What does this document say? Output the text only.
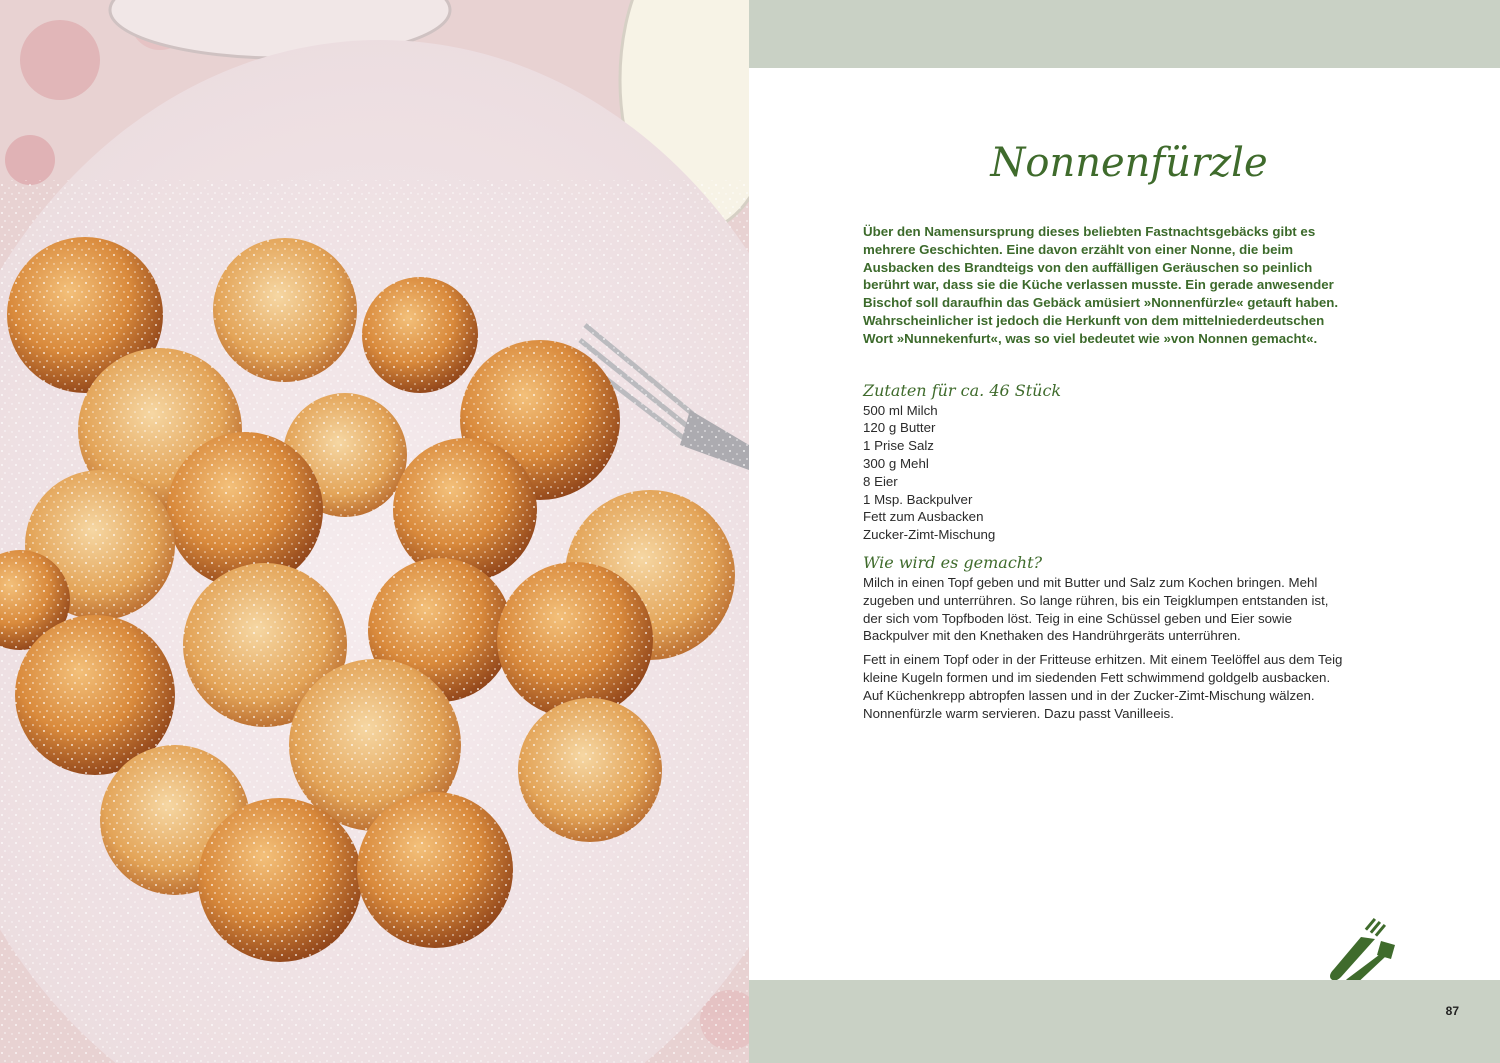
Nonnenfürzle

Über den Namensursprung dieses beliebten Fastnachtsgebäcks gibt es mehrere Geschichten. Eine davon erzählt von einer Nonne, die beim Ausbacken des Brandteigs von den auffälligen Geräuschen so peinlich berührt war, dass sie die Küche verlassen musste. Ein gerade anwesender Bischof soll daraufhin das Gebäck amüsiert »Nonnenfürzle« getauft haben. Wahrscheinlicher ist jedoch die Herkunft von dem mittelniederdeutschen Wort »Nunnekenfurt«, was so viel bedeutet wie »von Nonnen gemacht«.

Zutaten für ca. 46 Stück
500 ml Milch
120 g Butter
1 Prise Salz
300 g Mehl
8 Eier
1 Msp. Backpulver
Fett zum Ausbacken
Zucker-Zimt-Mischung
Wie wird es gemacht?

Milch in einen Topf geben und mit Butter und Salz zum Kochen bringen. Mehl zugeben und unterrühren. So lange rühren, bis ein Teigklumpen entstanden ist, der sich vom Topfboden löst. Teig in eine Schüssel geben und Eier sowie Backpulver mit den Knethaken des Handrührgeräts unterrühren.

Fett in einem Topf oder in der Fritteuse erhitzen. Mit einem Teelöffel aus dem Teig kleine Kugeln formen und im siedenden Fett schwimmend goldgelb ausbacken. Auf Küchenkrepp abtropfen lassen und in der Zucker-Zimt-Mischung wälzen. Nonnenfürzle warm servieren. Dazu passt Vanilleeis.

87
